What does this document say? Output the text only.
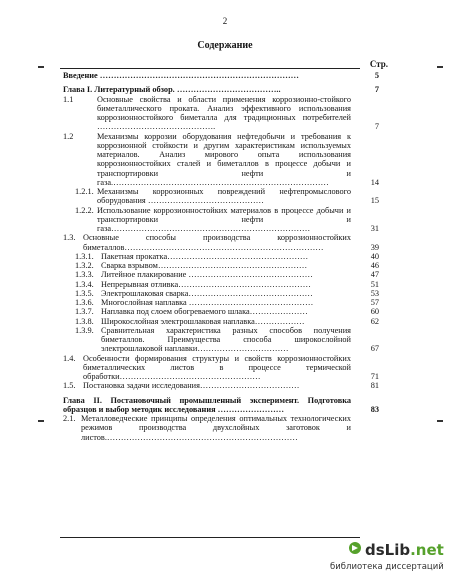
2
Содержание
Стр.
Введение ………………………………………………………………	5
Глава I. Литературный обзор. ………………………………..	7
1.1	Основные свойства и области применения коррозионно-стойкого биметаллического проката. Анализ эффективного использования коррозионностойкого биметалла для традиционных потребителей …………………………………….	7
1.2	Механизмы коррозии оборудования нефтедобычи и требования к коррозионной стойкости и другим характеристикам используемых материалов. Анализ мирового опыта использования коррозионностойких сталей и биметаллов в процессе добычи и транспортировки нефти и газа.……………………………………………………………………	14
1.2.1. Механизмы коррозионных повреждений нефтепромыслового оборудования ……………………………………	15
1.2.2. Использование коррозионностойких материалов в процессе добычи и транспортировки нефти и газа………………………………………………………………	31
1.3. Основные способы производства коррозионностойких биметаллов………………………………………………………………	39
1.3.1. Пакетная прокатка……………………………………………	40
1.3.2. Сварка взрывом………………………………………………	46
1.3.3. Литейное плакирование ………………………………………	47
1.3.4. Непрерывная отливка…………………………………………	51
1.3.5. Электрошлаковая сварка………………………………………	53
1.3.6. Многослойная наплавка ………………………………………	57
1.3.7. Наплавка под слоем обогреваемого шлака…………………	60
1.3.8. Широкослойная электрошлаковая наплавка………………	62
1.3.9. Сравнительная характеристика разных способов получения биметаллов. Преимущества способа широкослойной электрошлаковой наплавки……………………………	67
1.4. Особенности формирования структуры и свойств коррозионностойких биметаллических листов в процессе термической обработки……………………………………………	71
1.5. Постановка задачи исследования………………………………	81
Глава II. Постановочный промышленный эксперимент. Подготовка образцов и выбор методик исследования ……………………	83
2.1. Металловедческие принципы определения оптимальных технологических режимов производства двухслойных заготовок и листов.……………………………………………………………
dsLib.net
библиотека диссертаций
